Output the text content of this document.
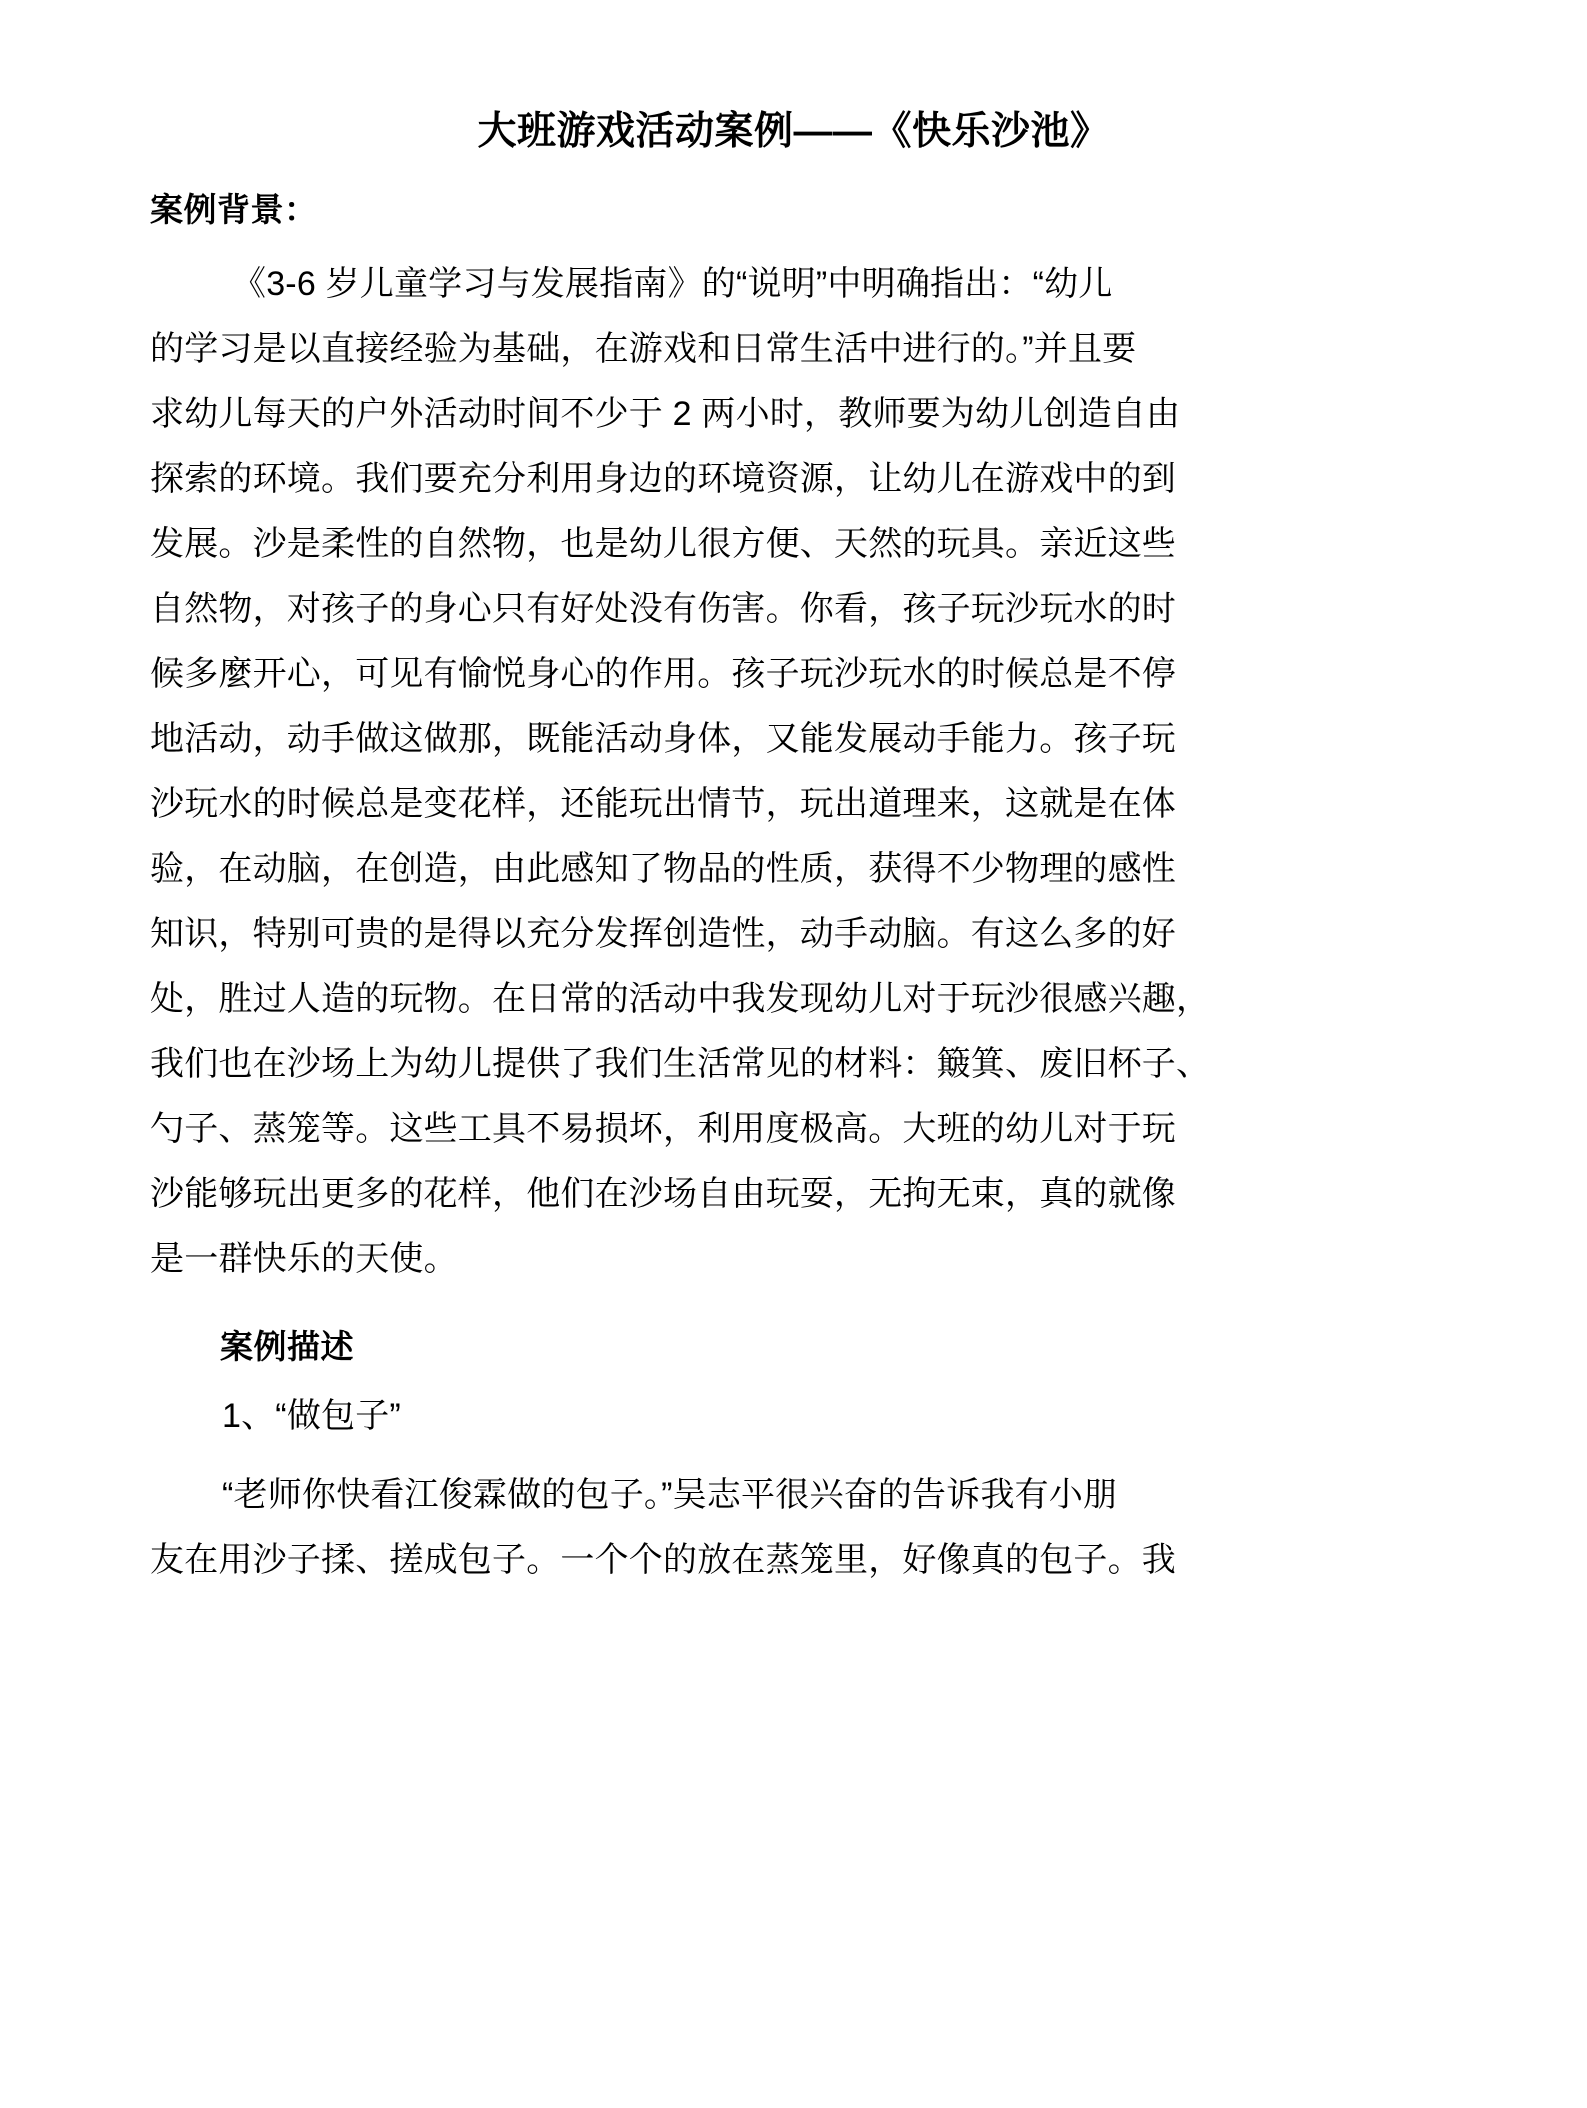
大班游戏活动案例——《快乐沙池》
案例背景：

《3-6 岁儿童学习与发展指南》的“说明”中明确指出：“幼儿

的学习是以直接经验为基础，在游戏和日常生活中进行的。”并且要

求幼儿每天的户外活动时间不少于 2 两小时，教师要为幼儿创造自由

探索的环境。我们要充分利用身边的环境资源，让幼儿在游戏中的到

发展。沙是柔性的自然物，也是幼儿很方便、天然的玩具。亲近这些

自然物，对孩子的身心只有好处没有伤害。你看，孩子玩沙玩水的时

候多麼开心，可见有愉悦身心的作用。孩子玩沙玩水的时候总是不停

地活动，动手做这做那，既能活动身体，又能发展动手能力。孩子玩

沙玩水的时候总是变花样，还能玩出情节，玩出道理来，这就是在体

验，在动脑，在创造，由此感知了物品的性质，获得不少物理的感性

知识，特别可贵的是得以充分发挥创造性，动手动脑。有这么多的好

处，胜过人造的玩物。在日常的活动中我发现幼儿对于玩沙很感兴趣，

我们也在沙场上为幼儿提供了我们生活常见的材料：簸箕、废旧杯子、

勺子、蒸笼等。这些工具不易损坏，利用度极高。大班的幼儿对于玩

沙能够玩出更多的花样，他们在沙场自由玩耍，无拘无束，真的就像

是一群快乐的天使。

案例描述

1、“做包子”

“老师你快看江俊霖做的包子。”吴志平很兴奋的告诉我有小朋

友在用沙子揉、搓成包子。一个个的放在蒸笼里，好像真的包子。我
